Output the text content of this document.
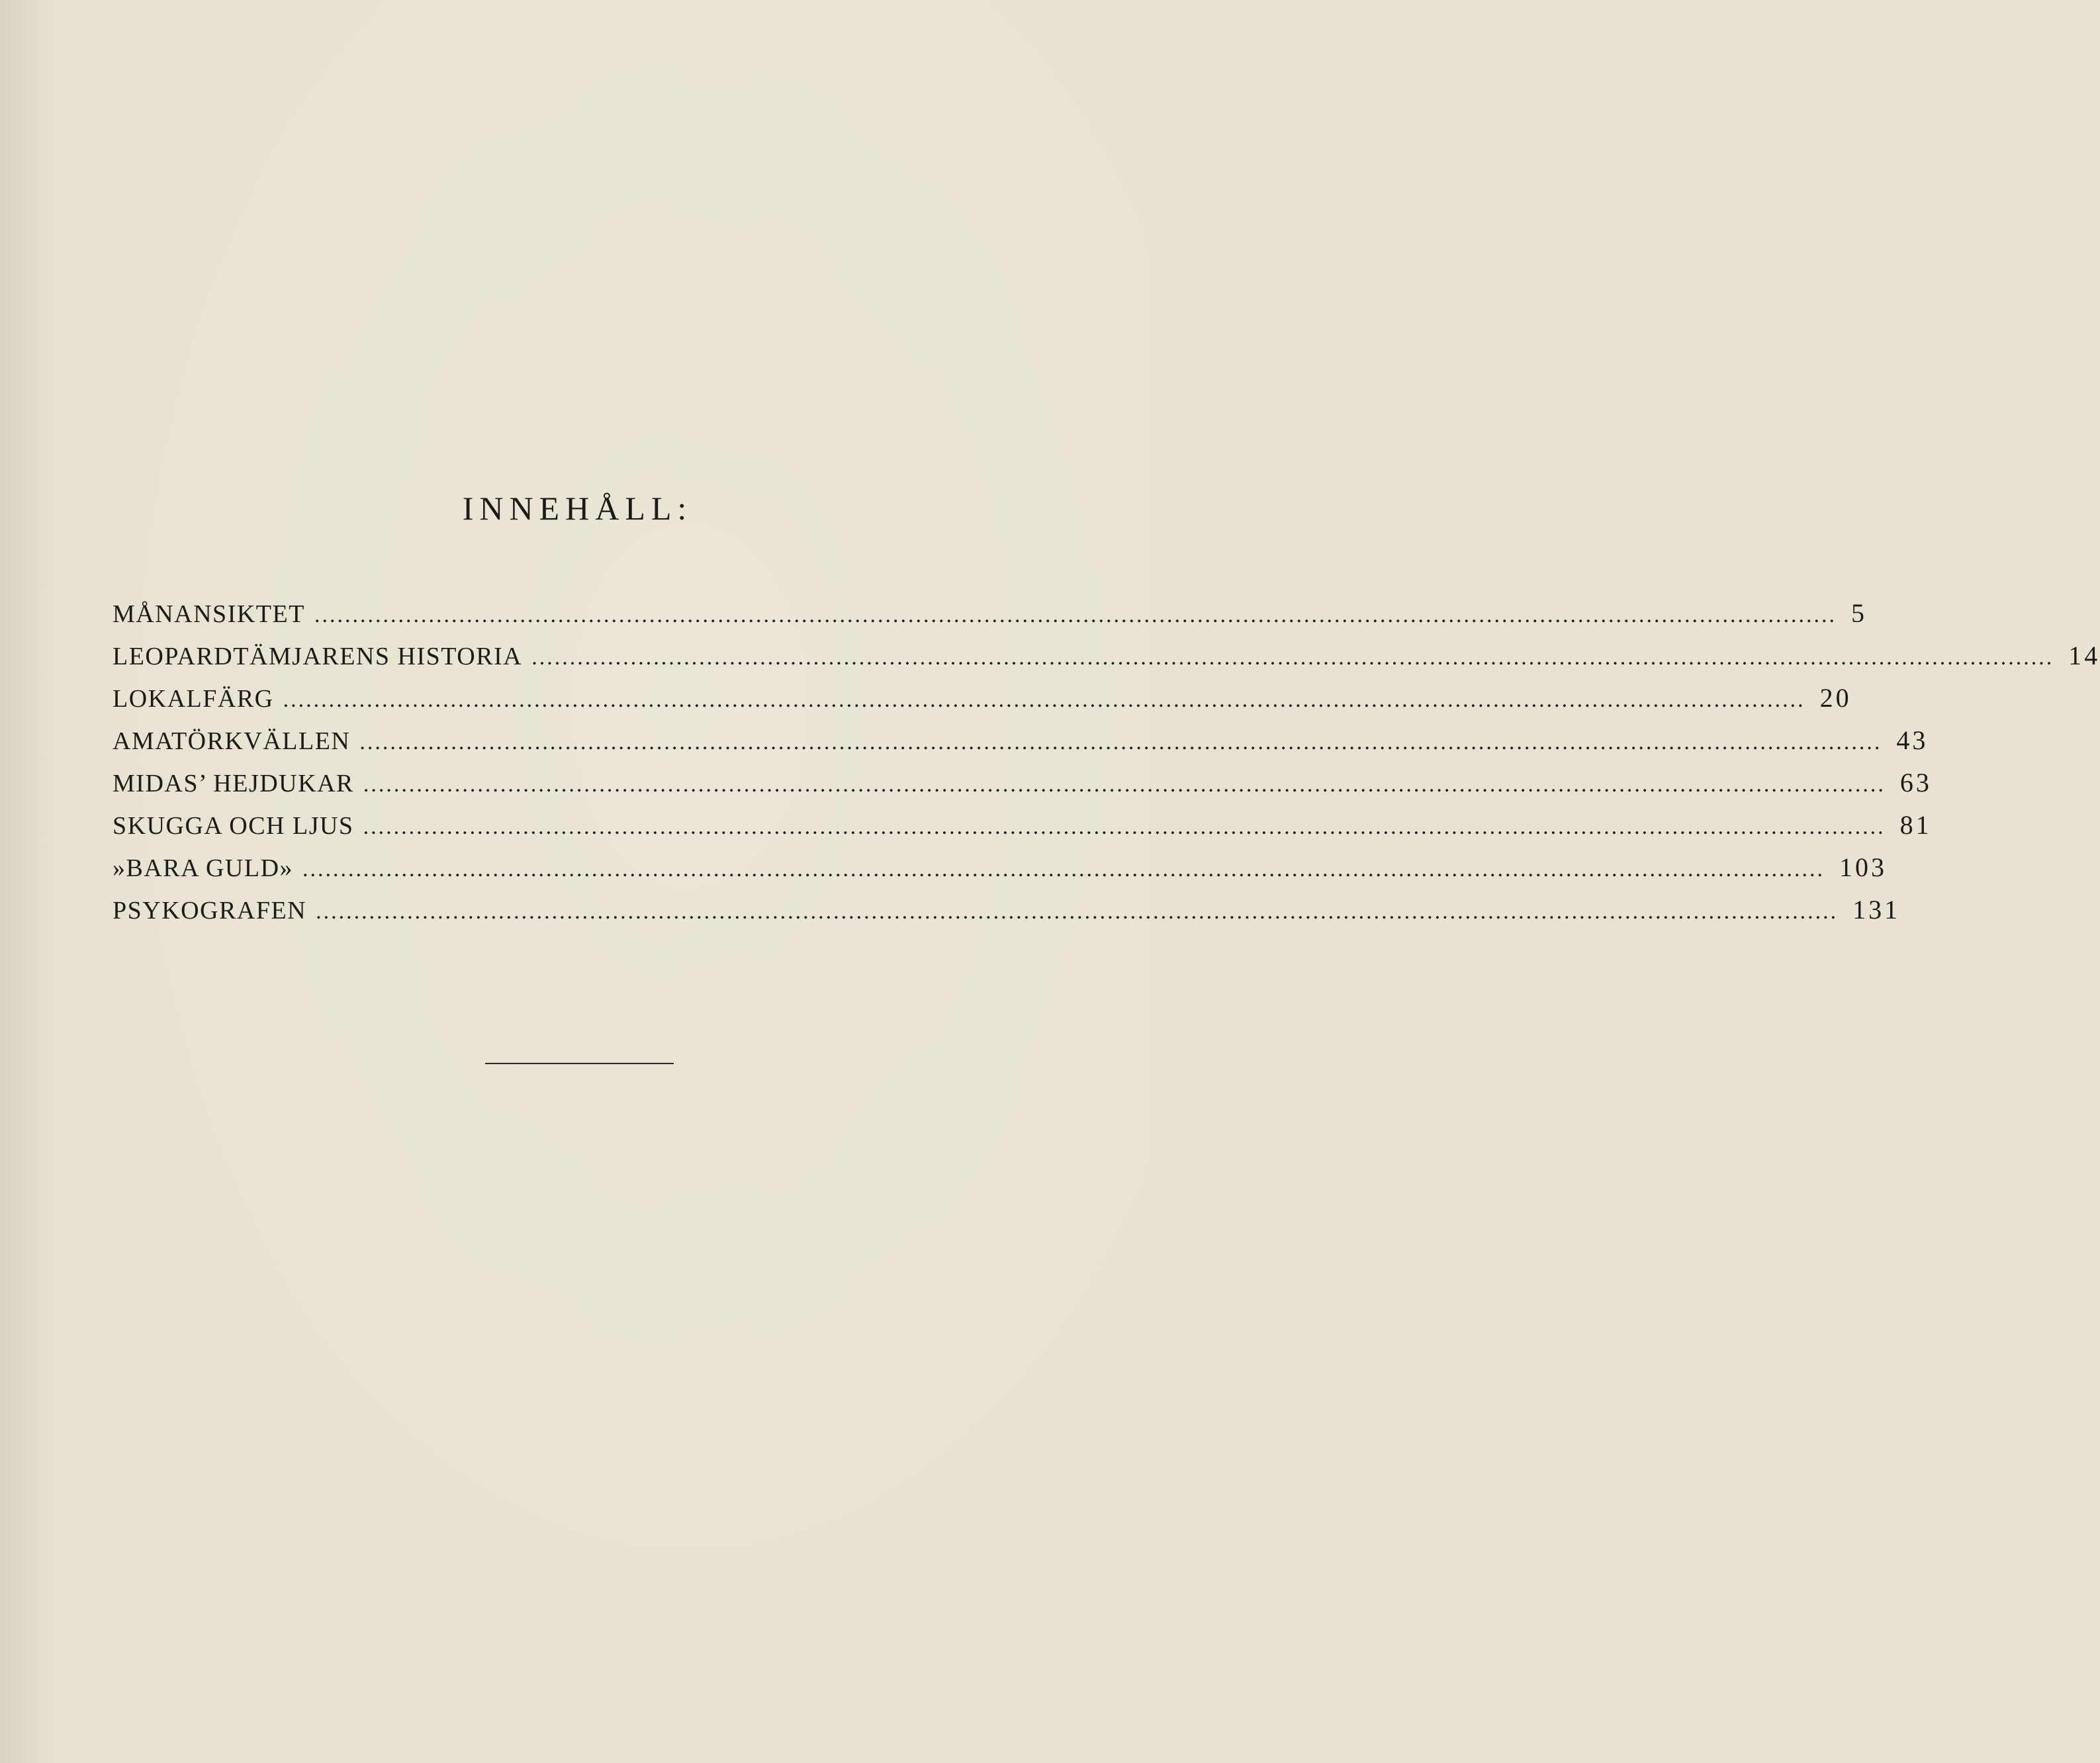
INNEHÅLL:
MÅNANSIKTET ........................................................................................................................................................................................................ 5
LEOPARDTÄMJARENS HISTORIA ........................................................................................................................................................................................................ 14
LOKALFÄRG ........................................................................................................................................................................................................ 20
AMATÖRKVÄLLEN ........................................................................................................................................................................................................ 43
MIDAS’ HEJDUKAR ........................................................................................................................................................................................................ 63
SKUGGA OCH LJUS ........................................................................................................................................................................................................ 81
»BARA GULD» ........................................................................................................................................................................................................ 103
PSYKOGRAFEN ........................................................................................................................................................................................................ 131
